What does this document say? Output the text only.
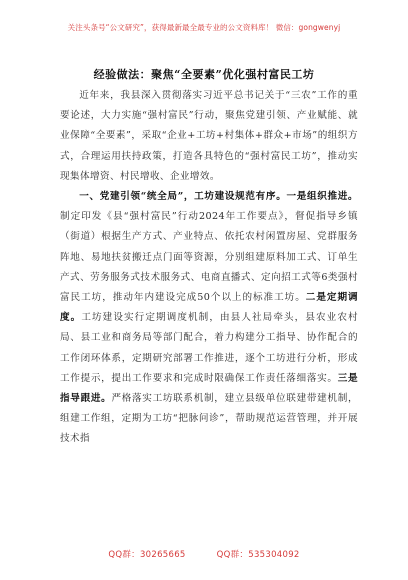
关注头条号“公文研究”，获得最新最全最专业的公文资料库！ 微信：gongwenyj
经验做法：聚焦“全要素”优化强村富民工坊

近年来，我县深入贯彻落实习近平总书记关于“三农”工作的重要论述，大力实施“强村富民”行动，聚焦党建引领、产业赋能、就业保障“全要素”，采取“企业+工坊+村集体+群众+市场”的组织方式，合理运用扶持政策，打造各具特色的“强村富民工坊”，推动实现集体增资、村民增收、企业增效。

一、党建引领“统全局”，工坊建设规范有序。一是组织推进。制定印发《县“强村富民”行动2024年工作要点》，督促指导乡镇（街道）根据生产方式、产业特点、依托农村闲置房屋、党群服务阵地、易地扶贫搬迁点门面等资源，分别组建原料加工式、订单生产式、劳务服务式技术服务式、电商直播式、定向招工式等6类强村富民工坊，推动年内建设完成50个以上的标准工坊。二是定期调度。工坊建设实行定期调度机制，由县人社局牵头，县农业农村局、县工业和商务局等部门配合，着力构建分工指导、协作配合的工作闭环体系，定期研究部署工作推进，逐个工坊进行分析，形成工作提示，提出工作要求和完成时限确保工作责任落细落实。三是指导跟进。严格落实工坊联系机制，建立县级单位联建带建机制，组建工作组，定期为工坊“把脉问诊”，帮助规范运营管理，并开展技术指

QQ群：30265665	QQ群：535304092
